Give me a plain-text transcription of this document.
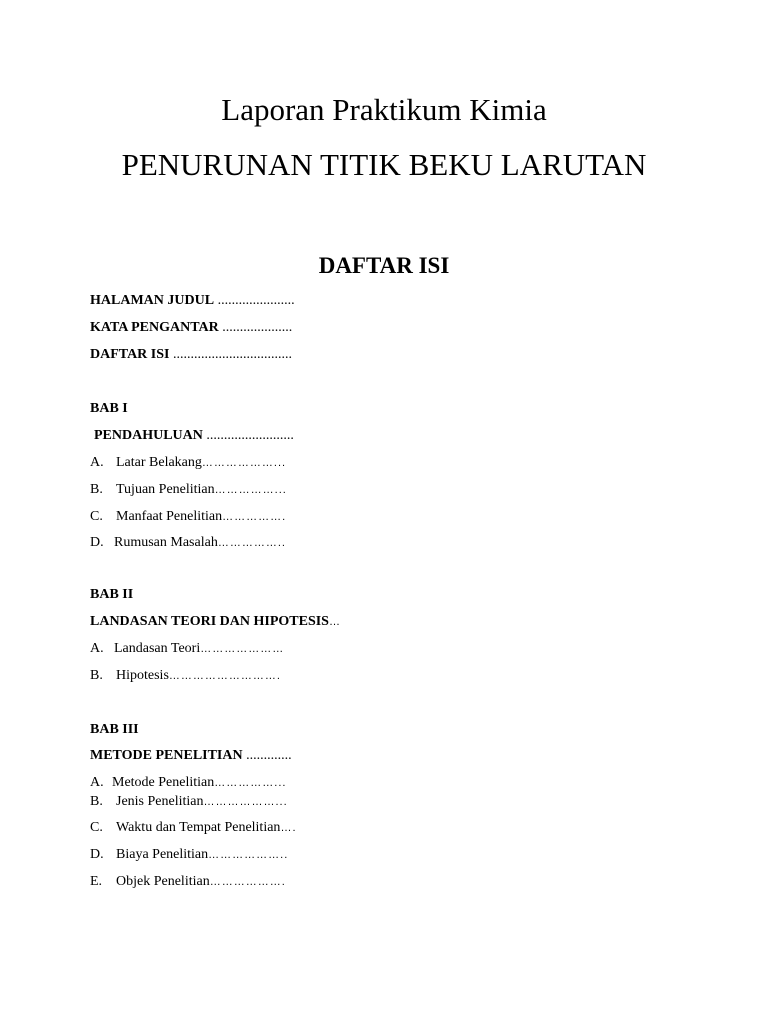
Laporan Praktikum Kimia
PENURUNAN TITIK BEKU LARUTAN
DAFTAR ISI
HALAMAN JUDUL ......................
KATA PENGANTAR ....................
DAFTAR ISI ..................................
BAB I
PENDAHULUAN .........................
A. Latar Belakang………………...
B. Tujuan Penelitian……………...
C. Manfaat Penelitian…………….
D. Rumusan Masalah……………..
BAB II
LANDASAN TEORI DAN HIPOTESIS…
A. Landasan Teori…………………
B. Hipotesis……………………….
BAB III
METODE PENELITIAN .............
A. Metode Penelitian……………...
B. Jenis Penelitian………………...
C. Waktu dan Tempat Penelitian….
D. Biaya Penelitian………………..
E. Objek Penelitian……………….
